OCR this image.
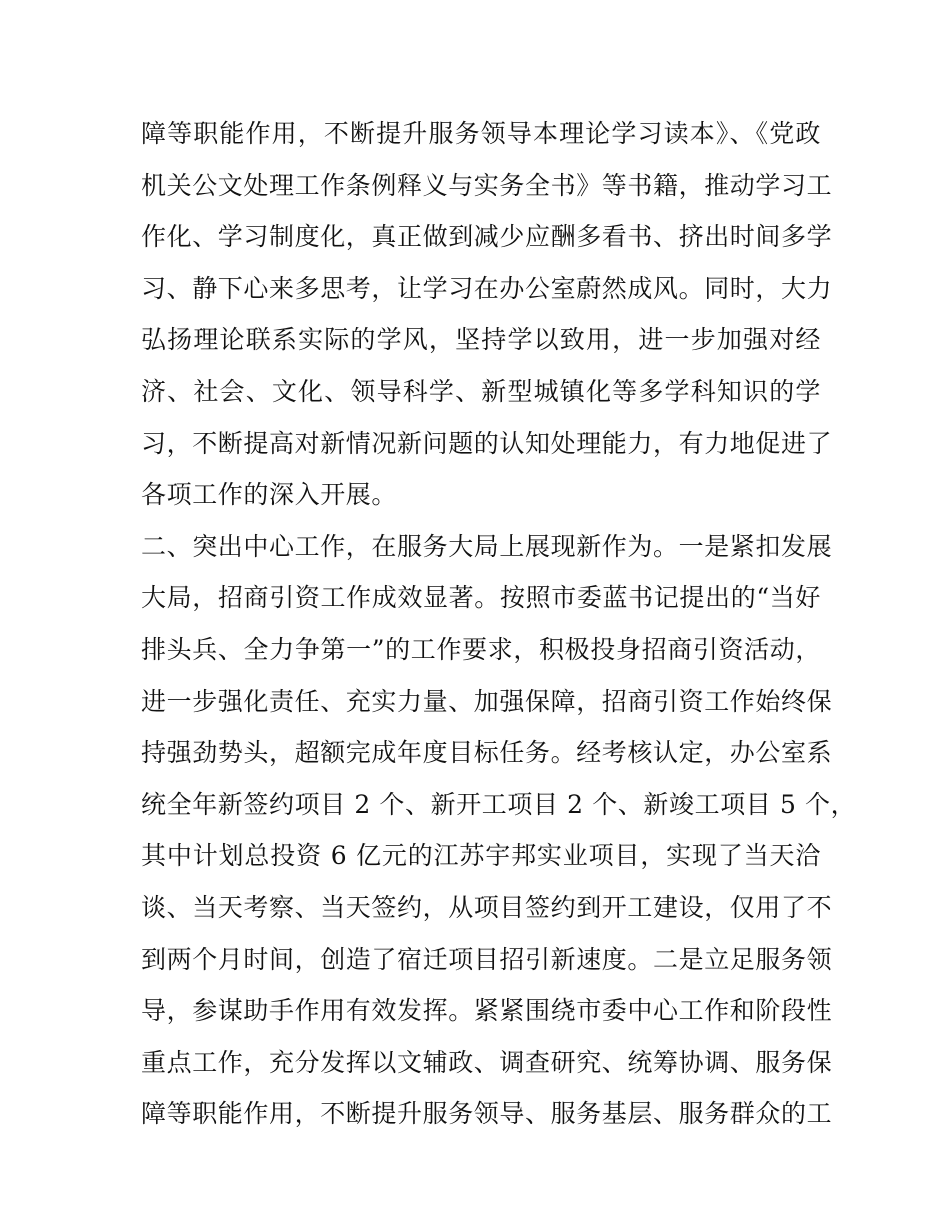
障等职能作用，不断提升服务领导本理论学习读本》、《党政
机关公文处理工作条例释义与实务全书》等书籍，推动学习工
作化、学习制度化，真正做到减少应酬多看书、挤出时间多学
习、静下心来多思考，让学习在办公室蔚然成风。同时，大力
弘扬理论联系实际的学风，坚持学以致用，进一步加强对经
济、社会、文化、领导科学、新型城镇化等多学科知识的学
习，不断提高对新情况新问题的认知处理能力，有力地促进了
各项工作的深入开展。
二、突出中心工作，在服务大局上展现新作为。一是紧扣发展
大局，招商引资工作成效显著。按照市委蓝书记提出的“当好
排头兵、全力争第一”的工作要求，积极投身招商引资活动，
进一步强化责任、充实力量、加强保障，招商引资工作始终保
持强劲势头，超额完成年度目标任务。经考核认定，办公室系
统全年新签约项目 2 个、新开工项目 2 个、新竣工项目 5 个，
其中计划总投资 6 亿元的江苏宇邦实业项目，实现了当天洽
谈、当天考察、当天签约，从项目签约到开工建设，仅用了不
到两个月时间，创造了宿迁项目招引新速度。二是立足服务领
导，参谋助手作用有效发挥。紧紧围绕市委中心工作和阶段性
重点工作，充分发挥以文辅政、调查研究、统筹协调、服务保
障等职能作用，不断提升服务领导、服务基层、服务群众的工
